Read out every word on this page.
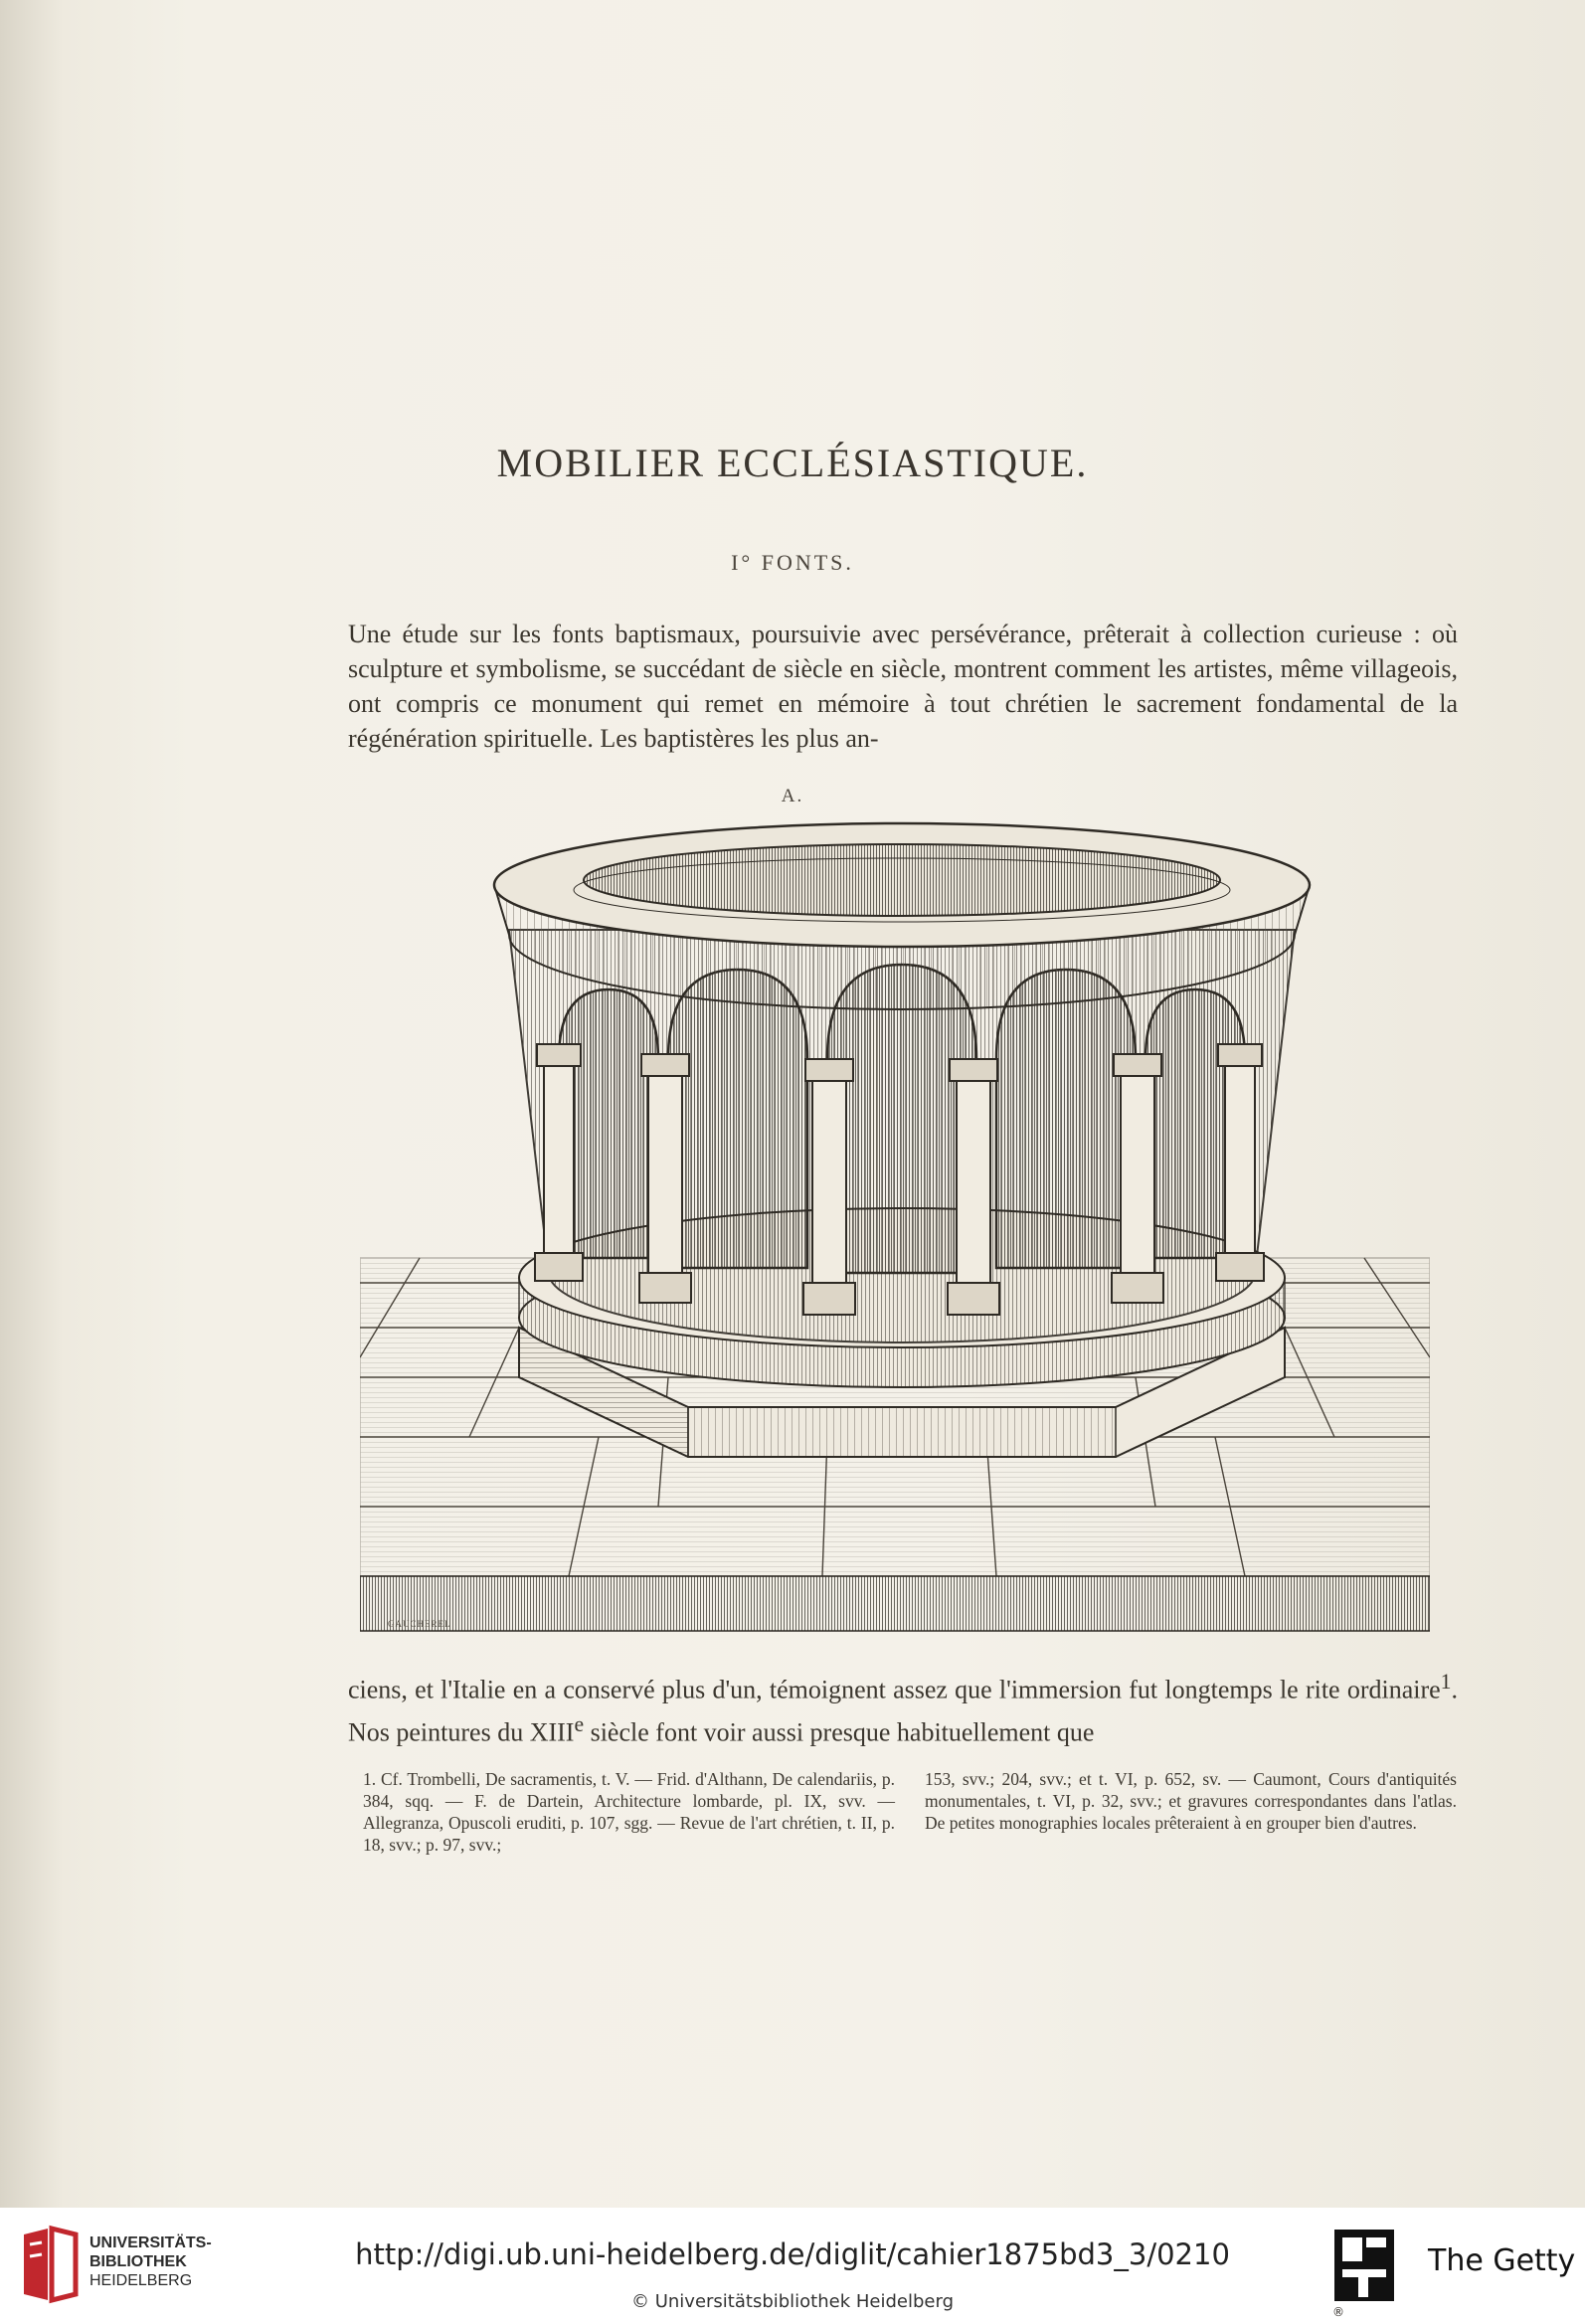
MOBILIER ECCLÉSIASTIQUE.
I° FONTS.
Une étude sur les fonts baptismaux, poursuivie avec persévérance, prêterait à collection curieuse : où sculpture et symbolisme, se succédant de siècle en siècle, montrent comment les artistes, même villageois, ont compris ce monument qui remet en mémoire à tout chrétien le sacrement fondamental de la régénération spirituelle. Les baptistères les plus an-
A.
GAUCHEREL
ciens, et l'Italie en a conservé plus d'un, témoignent assez que l'immersion fut longtemps le rite ordinaire$^1$. Nos peintures du XIIIe siècle font voir aussi presque habituellement que
1. Cf. Trombelli, De sacramentis, t. V. — Frid. d'Althann, De calendariis, p. 384, sqq. — F. de Dartein, Architecture lombarde, pl. IX, svv. — Allegranza, Opuscoli eruditi, p. 107, sgg. — Revue de l'art chrétien, t. II, p. 18, svv.; p. 97, svv.;
153, svv.; 204, svv.; et t. VI, p. 652, sv. — Caumont, Cours d'antiquités monumentales, t. VI, p. 32, svv.; et gravures correspondantes dans l'atlas. De petites monographies locales prêteraient à en grouper bien d'autres.
UNIVERSITÄTS-
BIBLIOTHEK
HEIDELBERG
http://digi.ub.uni-heidelberg.de/diglit/cahier1875bd3_3/0210
© Universitätsbibliothek Heidelberg	®
The Getty
